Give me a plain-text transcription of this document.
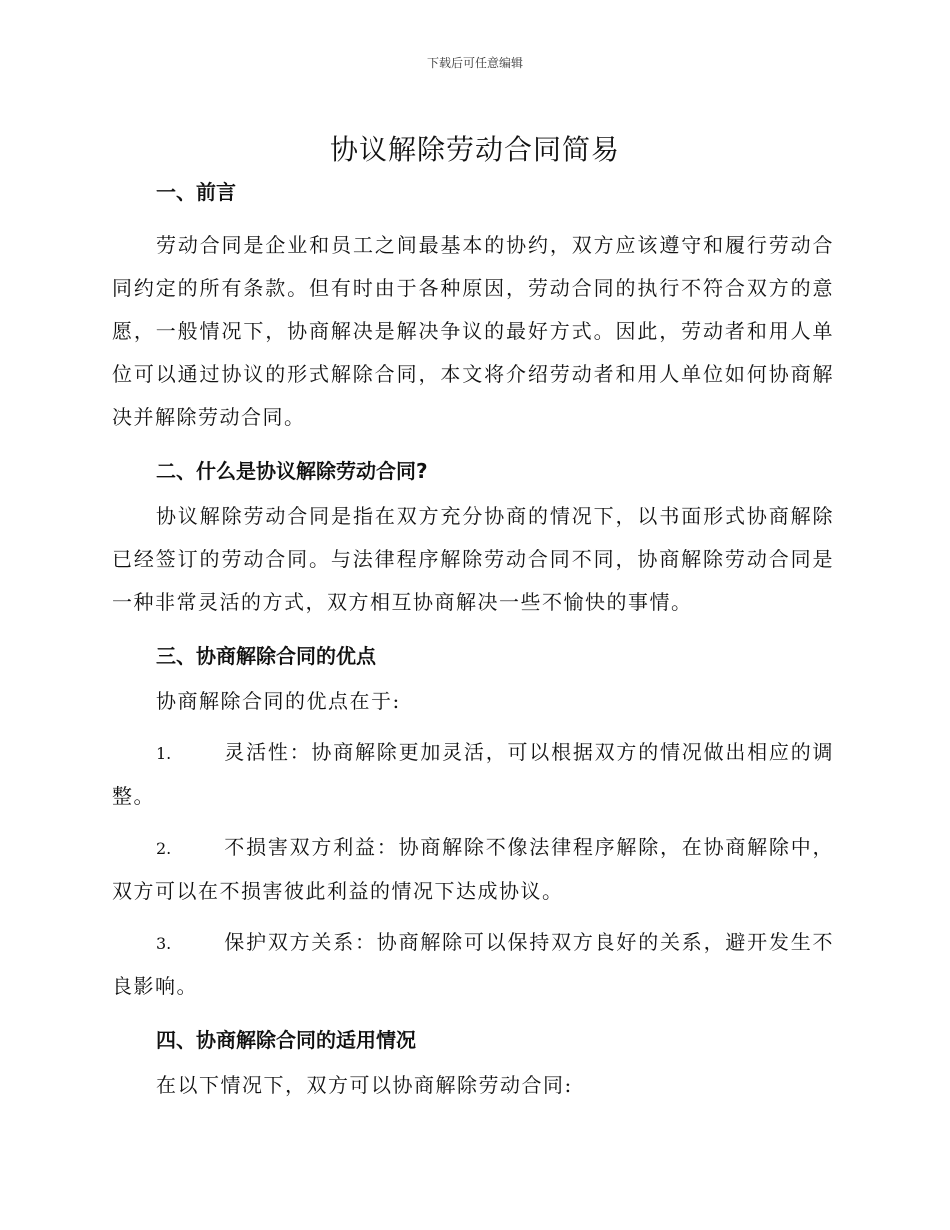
下载后可任意编辑
协议解除劳动合同简易
一、前言

劳动合同是企业和员工之间最基本的协约，双方应该遵守和履行劳动合同约定的所有条款。但有时由于各种原因，劳动合同的执行不符合双方的意愿，一般情况下，协商解决是解决争议的最好方式。因此，劳动者和用人单位可以通过协议的形式解除合同，本文将介绍劳动者和用人单位如何协商解决并解除劳动合同。

二、什么是协议解除劳动合同?

协议解除劳动合同是指在双方充分协商的情况下，以书面形式协商解除已经签订的劳动合同。与法律程序解除劳动合同不同，协商解除劳动合同是一种非常灵活的方式，双方相互协商解决一些不愉快的事情。

三、协商解除合同的优点

协商解除合同的优点在于:

1.	灵活性：协商解除更加灵活，可以根据双方的情况做出相应的调整。

2.	不损害双方利益：协商解除不像法律程序解除，在协商解除中，双方可以在不损害彼此利益的情况下达成协议。

3.	保护双方关系：协商解除可以保持双方良好的关系，避开发生不良影响。

四、协商解除合同的适用情况

在以下情况下，双方可以协商解除劳动合同:
